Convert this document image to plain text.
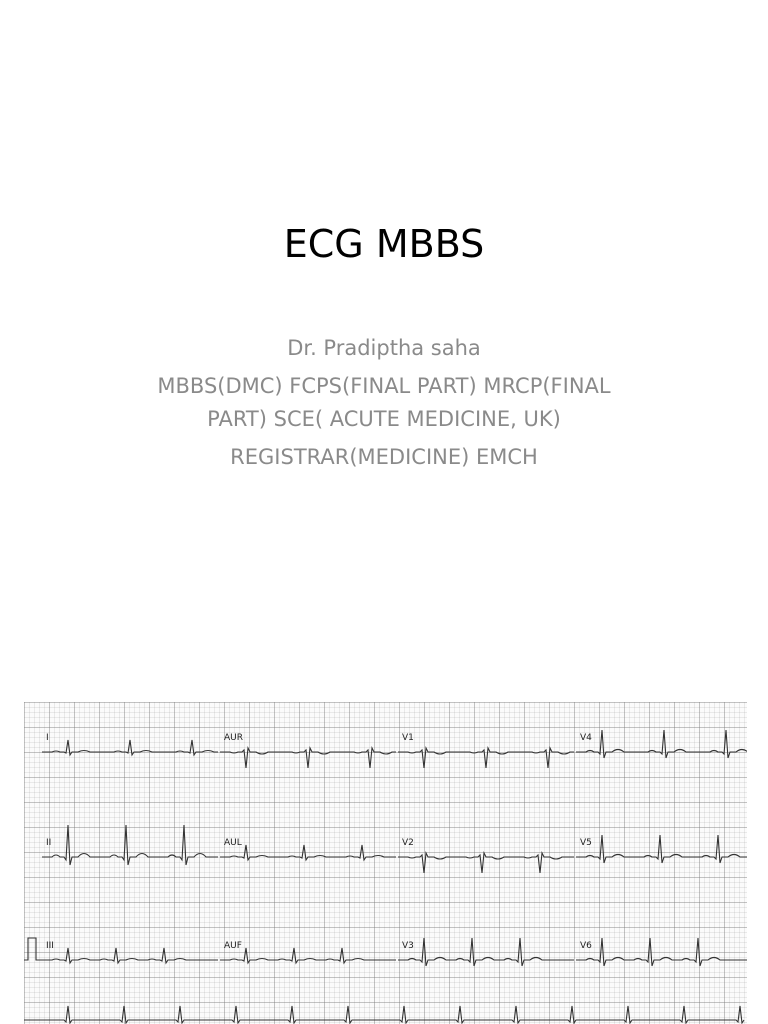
ECG MBBS
Dr. Pradiptha saha
MBBS(DMC) FCPS(FINAL PART) MRCP(FINAL
PART) SCE( ACUTE MEDICINE, UK)
REGISTRAR(MEDICINE) EMCH
I	AUR	V1	V4
II	AUL	V2	V5
III	AUF	V3	V6
